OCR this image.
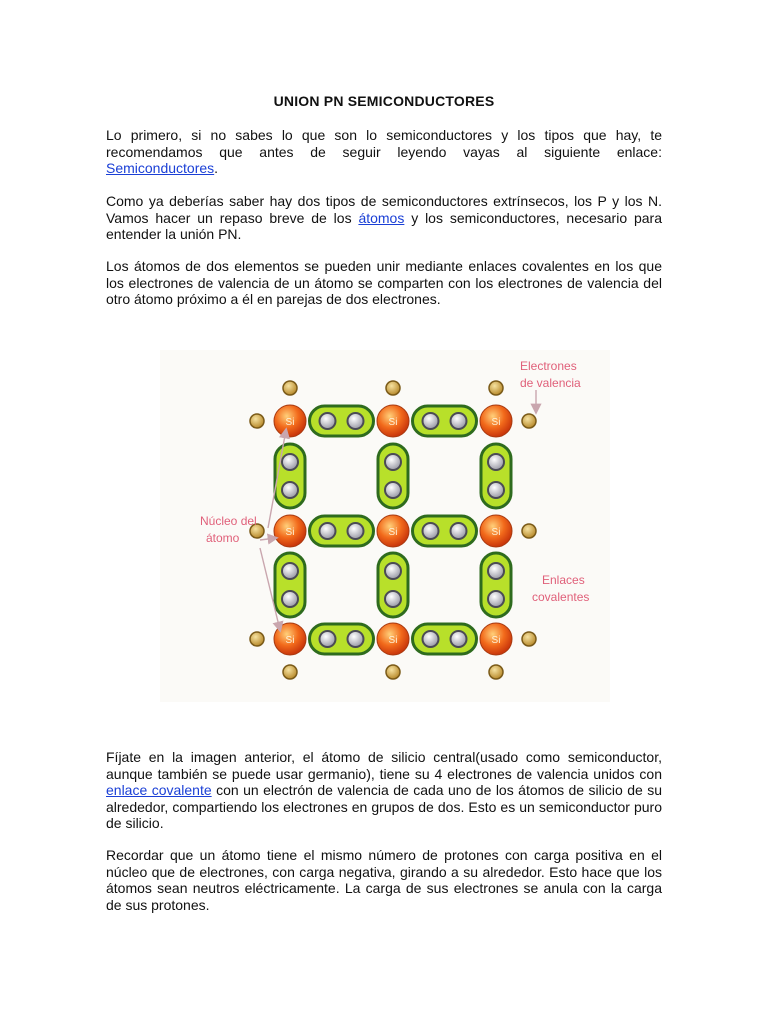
UNION PN SEMICONDUCTORES

Lo primero, si no sabes lo que son lo semiconductores y los tipos que hay, te recomendamos que antes de seguir leyendo vayas al siguiente enlace: Semiconductores.

Como ya deberías saber hay dos tipos de semiconductores extrínsecos, los P y los N. Vamos hacer un repaso breve de los átomos y los semiconductores, necesario para entender la unión PN.

Los átomos de dos elementos se pueden unir mediante enlaces covalentes en los que los electrones de valencia de un átomo se comparten con los electrones de valencia del otro átomo próximo a él en parejas de dos electrones.

Si	Si	Si
Si	Si	Si
Si	Si	Si
Núcleo del
átomo
Electrones
de valencia
Enlaces
covalentes

Fíjate en la imagen anterior, el átomo de silicio central(usado como semiconductor, aunque también se puede usar germanio), tiene su 4 electrones de valencia unidos con enlace covalente con un electrón de valencia de cada uno de los átomos de silicio de su alrededor, compartiendo los electrones en grupos de dos. Esto es un semiconductor puro de silicio.

Recordar que un átomo tiene el mismo número de protones con carga positiva en el núcleo que de electrones, con carga negativa, girando a su alrededor. Esto hace que los átomos sean neutros eléctricamente. La carga de sus electrones se anula con la carga de sus protones.
